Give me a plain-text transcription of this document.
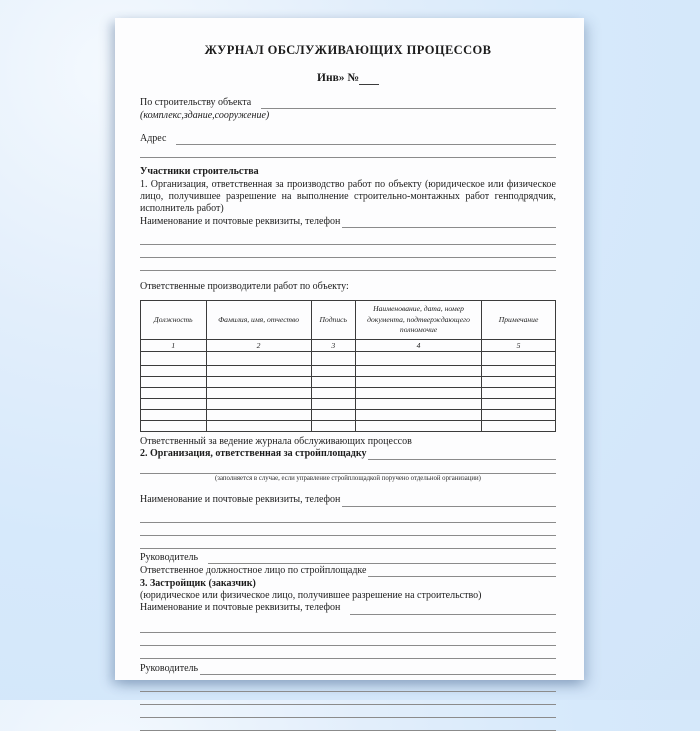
ЖУРНАЛ ОБСЛУЖИВАЮЩИХ ПРОЦЕССОВ
Инв» №
По строительству объекта
(комплекс,здание,сооружение)
Адрес
Участники строительства
1. Организация, ответственная за производство работ по объекту (юридическое или физическое лицо, получившее разрешение на выполнение строительно-монтажных работ генподрядчик, исполнитель работ)
Наименование и почтовые реквизиты, телефон
Ответственные производители работ по объекту:
Должность	Фамилия, имя, отчество	Подпись	Наименование, дата, номер документа, подтверждающего полномочие	Примечание
1	2	3	4	5

Ответственный за ведение журнала обслуживающих процессов
2. Организация, ответственная за стройплощадку
(заполняется в случае, если управление стройплощадкой поручено отдельной организации)
Наименование и почтовые реквизиты, телефон
Руководитель
Ответственное должностное лицо по стройплощадке
3. Застройщик (заказчик)
(юридическое или физическое лицо, получившее разрешение на строительство)
Наименование и почтовые реквизиты, телефон
Руководитель
